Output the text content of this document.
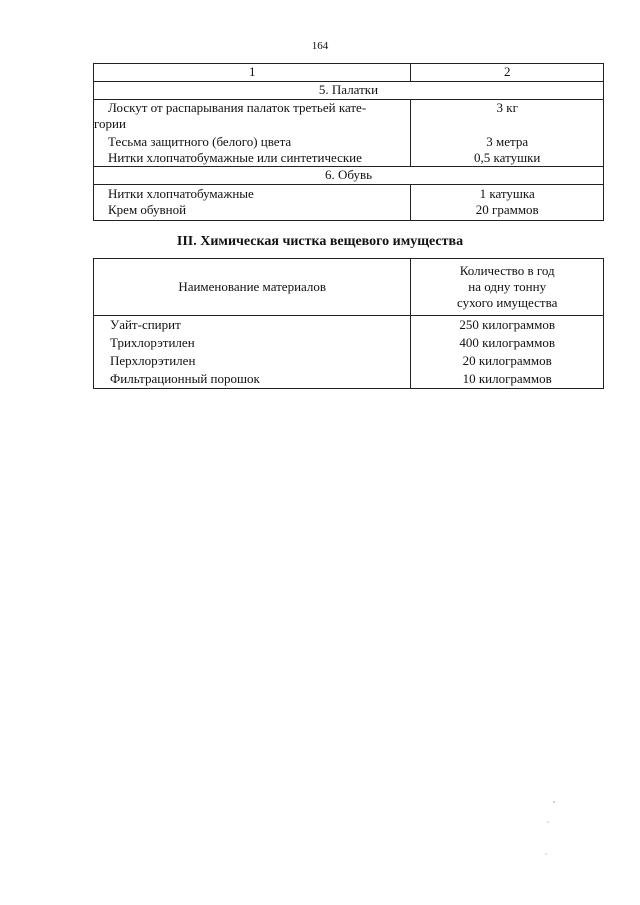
164
1	2
5. Палатки	

Лоскут от распарывания палаток третьей кате-
гории	3 кг
Тесьма защитного (белого) цвета	3 метра
Нитки хлопчатобумажные или синтетические	0,5 катушки
6. Обувь	
Нитки хлопчатобумажные	1 катушка
Крем обувной	20 граммов
III. Химическая чистка вещевого имущества
Наименование материалов	Количество в год
на одну тонну
сухого имущества

Уайт-спирит	250 килограммов
Трихлорэтилен	400 килограммов
Перхлорэтилен	20 килограммов
Фильтрационный порошок	10 килограммов
